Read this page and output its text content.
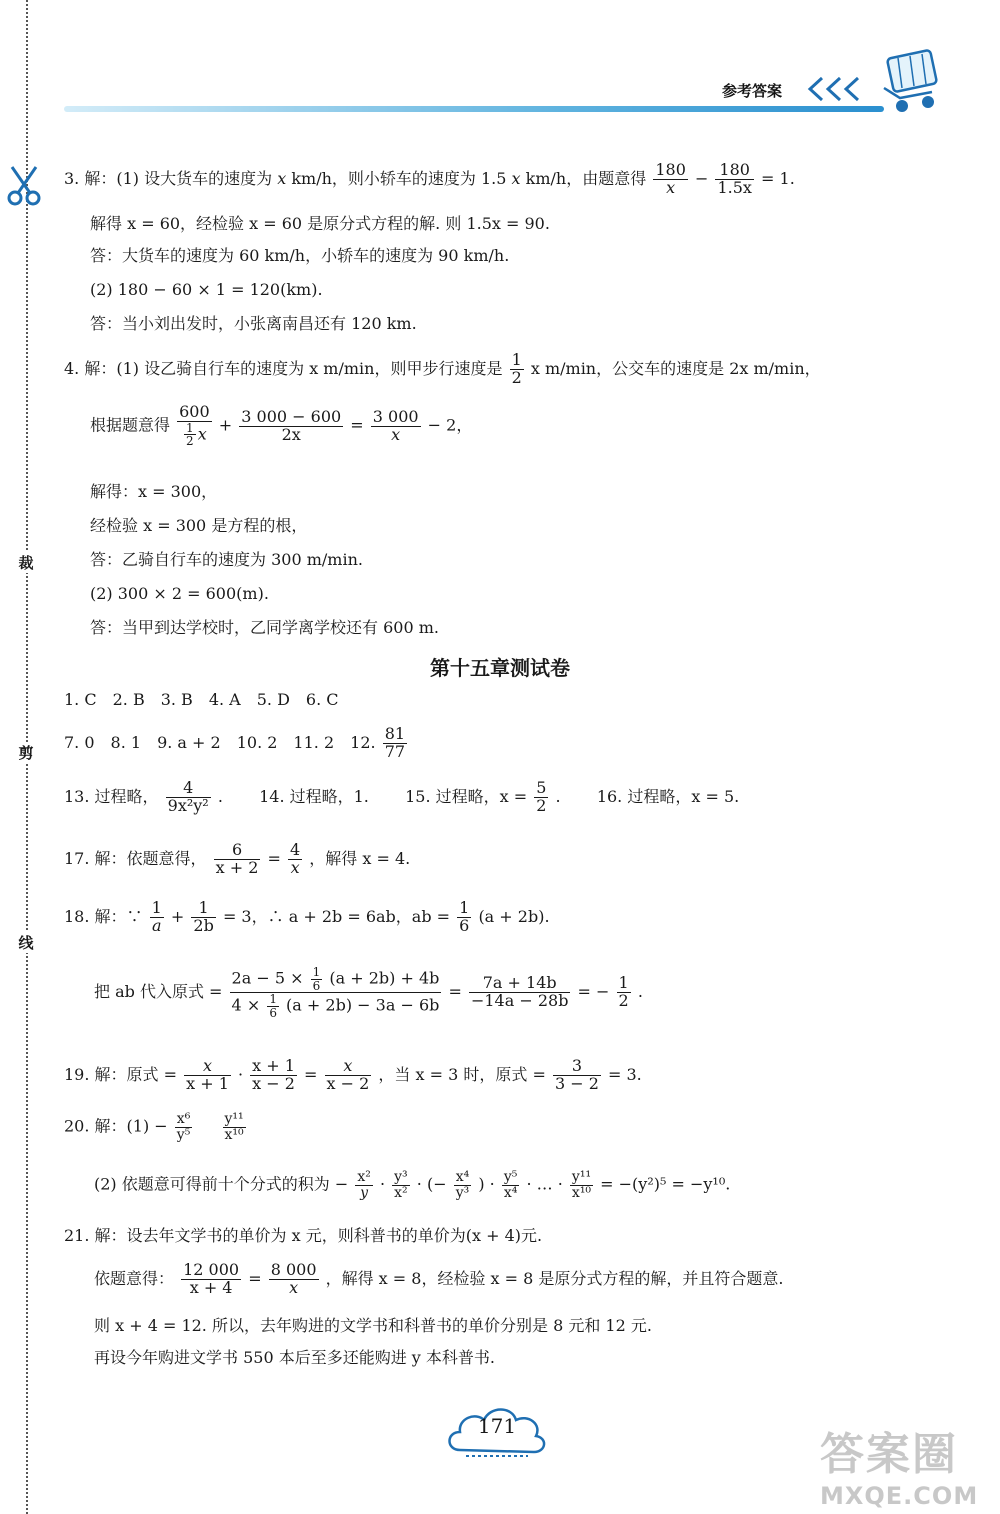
裁
剪
线
参考答案
3. 解：(1) 设大货车的速度为 x km/h，则小轿车的速度为 1.5 x km/h，由题意得 $\frac{180}{x} - \frac{180}{1.5x} = 1$.
解得 x = 60，经检验 x = 60 是原分式方程的解. 则 1.5x = 90.
答：大货车的速度为 60 km/h，小轿车的速度为 90 km/h.
(2) 180 − 60 × 1 = 120(km).
答：当小刘出发时，小张离南昌还有 120 km.
4. 解：(1) 设乙骑自行车的速度为 x m/min，则甲步行速度是 $\frac{1}{2}$ x m/min，公交车的速度是 2x m/min，
根据题意得 $\frac{600}{\frac{1}{2} x} + \frac{3 000 - 600}{2x} = \frac{3 000}{x} - 2$，
解得：x = 300，
经检验 x = 300 是方程的根，
答：乙骑自行车的速度为 300 m/min.
(2) 300 × 2 = 600(m).
答：当甲到达学校时，乙同学离学校还有 600 m.
第十五章测试卷
1. C　2. B　3. B　4. A　5. D　6. C
7. 0　8. 1　9. a + 2　10. 2　11. 2　12. $\frac{81}{77}$
13. 过程略， $\frac{4}{\text{9x²y²}}$ . 14. 过程略，1. 15. 过程略，$x = \frac{5}{2}$ . 16. 过程略，x = 5.
17. 解：依题意得， $\frac{6}{x + 2} = \frac{4}{x}$ ，解得 x = 4.
18. 解：∵ $\frac{1}{a} + \frac{1}{2b} = 3$，∴ a + 2b = 6ab，ab = $\frac{1}{6} (a + 2b)$.
把 ab 代入原式 = $\frac{2a - 5 \times \frac{1}{6} (a + 2b) + 4b}{4 \times \frac{1}{6} (a + 2b) - 3a - 6b} = \frac{7a + 14b}{-14a - 28b}$ = − $\frac{1}{2}$ .
19. 解：原式 = $\frac{x}{x + 1} \cdot \frac{x + 1}{x - 2} = \frac{x}{x - 2}$ ，当 x = 3 时，原式 = $\frac{3}{3 - 2} = 3$.
20. 解：$(1) - \frac{\text{x⁶}}{\text{y⁵}}$
$\frac{\text{y¹¹}}{\text{x¹⁰}}$
(2) 依题意可得前十个分式的积为 − $\frac{\text{x²}}{y} \cdot \frac{\text{y³}}{\text{x²}}$ · (− $\frac{\text{x⁴}}{\text{y³}}$ ) · $\frac{\text{y⁵}}{\text{x⁴}}$ · … · $\frac{\text{y¹¹}}{\text{x¹⁰}} = -(y^2)^5 = -y^{10}$.
21. 解：设去年文学书的单价为 x 元，则科普书的单价为(x + 4)元.
依题意得： $\frac{12 000}{x + 4} = \frac{8 000}{x}$ ，解得 x = 8，经检验 x = 8 是原分式方程的解，并且符合题意.
则 x + 4 = 12. 所以，去年购进的文学书和科普书的单价分别是 8 元和 12 元.
再设今年购进文学书 550 本后至多还能购进 y 本科普书.
171
答案圈
MXQE.COM
